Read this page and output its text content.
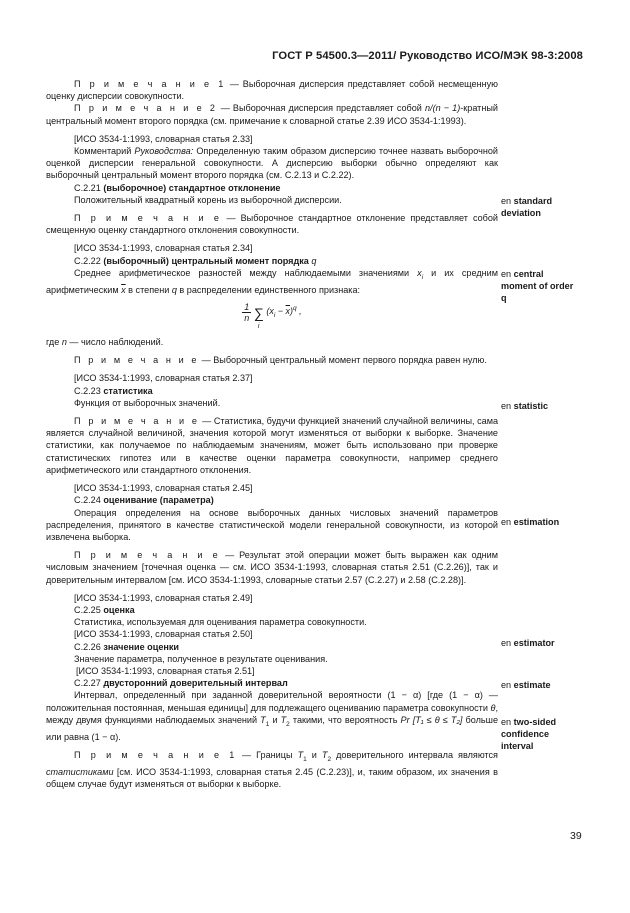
ГОСТ Р 54500.3—2011/ Руководство ИСО/МЭК 98-3:2008

П р и м е ч а н и е 1 — Выборочная дисперсия представляет собой несмещенную оценку дисперсии совокупности.

П р и м е ч а н и е 2 — Выборочная дисперсия представляет собой n/(n − 1)-кратный центральный момент второго порядка (см. примечание к словарной статье 2.39 ИСО 3534-1:1993).

[ИСО 3534-1:1993, словарная статья 2.33]

Комментарий Руководства: Определенную таким образом дисперсию точнее назвать выборочной оценкой дисперсии генеральной совокупности. А дисперсию выборки обычно определяют как выборочный центральный момент второго порядка (см. С.2.13 и С.2.22).

С.2.21 (выборочное) стандартное отклонение

Положительный квадратный корень из выборочной дисперсии.

П р и м е ч а н и е — Выборочное стандартное отклонение представляет собой смещенную оценку стандартного отклонения совокупности.

[ИСО 3534-1:1993, словарная статья 2.34]

С.2.22 (выборочный) центральный момент порядка q

Среднее арифметическое разностей между наблюдаемыми значениями $x_i$ и их средним арифметическим $\overline{x}$ в степени q в распределении единственного признака:

$\frac{1}{n}$ ∑
i
$(x_i - \overline{x})^q$ ,

где n — число наблюдений.

П р и м е ч а н и е — Выборочный центральный момент первого порядка равен нулю.

[ИСО 3534-1:1993, словарная статья 2.37]

С.2.23 статистика

Функция от выборочных значений.

П р и м е ч а н и е — Статистика, будучи функцией значений случайной величины, сама является случайной величиной, значения которой могут изменяться от выборки к выборке. Значение статистики, как получаемое по наблюдаемым значениям, может быть использовано при проверке статистических гипотез или в качестве оценки параметра совокупности, например среднего арифметического или стандартного отклонения.

[ИСО 3534-1:1993, словарная статья 2.45]

С.2.24 оценивание (параметра)

Операция определения на основе выборочных данных числовых значений параметров распределения, принятого в качестве статистической модели генеральной совокупности, из которой извлечена выборка.

П р и м е ч а н и е — Результат этой операции может быть выражен как одним числовым значением [точечная оценка — см. ИСО 3534-1:1993, словарная статья 2.51 (С.2.26)], так и доверительным интервалом [см. ИСО 3534-1:1993, словарные статьи 2.57 (С.2.27) и 2.58 (С.2.28)].

[ИСО 3534-1:1993, словарная статья 2.49]

С.2.25 оценка

Статистика, используемая для оценивания параметра совокупности.

[ИСО 3534-1:1993, словарная статья 2.50]

С.2.26 значение оценки

Значение параметра, полученное в результате оценивания.

[ИСО 3534-1:1993, словарная статья 2.51]

С.2.27 двусторонний доверительный интервал

Интервал, определенный при заданной доверительной вероятности (1 − α) [где (1 − α) — положительная постоянная, меньшая единицы] для подлежащего оцениванию параметра совокупности θ, между двумя функциями наблюдаемых значений $T_1$ и $T_2$ такими, что вероятность Pr [T₁ ≤ θ ≤ T₂] больше или равна (1 − α).

П р и м е ч а н и е 1 — Границы $T_1$ и $T_2$ доверительного интервала являются статистиками [см. ИСО 3534-1:1993, словарная статья 2.45 (С.2.23)], и, таким образом, их значения в общем случае будут изменяться от выборки к выборке.

en standard deviation
en central moment of order q
en statistic
en estimation
en estimator
en estimate
en two-sided confidence interval
39
